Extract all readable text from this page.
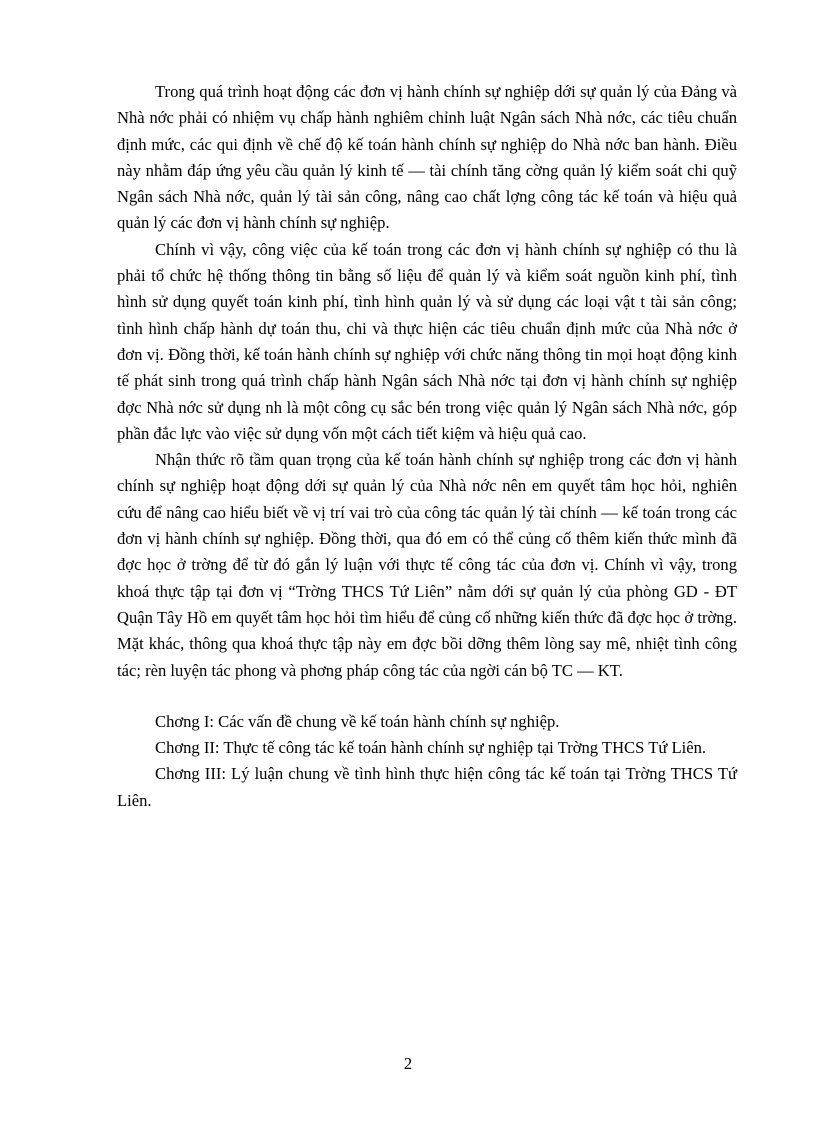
Trong quá trình hoạt động các đơn vị hành chính sự nghiệp dới sự quản lý của Đảng và Nhà nớc phải có nhiệm vụ chấp hành nghiêm chỉnh luật Ngân sách Nhà nớc, các tiêu chuẩn định mức, các qui định về chế độ kế toán hành chính sự nghiệp do Nhà nớc ban hành. Điều này nhằm đáp ứng yêu cầu quản lý kinh tế — tài chính tăng cờng quản lý kiểm soát chi quỹ Ngân sách Nhà nớc, quản lý tài sản công, nâng cao chất lợng công tác kế toán và hiệu quả quản lý các đơn vị hành chính sự nghiệp.

Chính vì vậy, công việc của kế toán trong các đơn vị hành chính sự nghiệp có thu là phải tổ chức hệ thống thông tin bằng số liệu để quản lý và kiểm soát nguồn kinh phí, tình hình sử dụng quyết toán kinh phí, tình hình quản lý và sử dụng các loại vật t tài sản công; tình hình chấp hành dự toán thu, chi và thực hiện các tiêu chuẩn định mức của Nhà nớc ở đơn vị. Đồng thời, kế toán hành chính sự nghiệp với chức năng thông tin mọi hoạt động kinh tế phát sinh trong quá trình chấp hành Ngân sách Nhà nớc tại đơn vị hành chính sự nghiệp đợc Nhà nớc sử dụng nh là một công cụ sắc bén trong việc quản lý Ngân sách Nhà nớc, góp phần đắc lực vào việc sử dụng vốn một cách tiết kiệm và hiệu quả cao.

Nhận thức rõ tầm quan trọng của kế toán hành chính sự nghiệp trong các đơn vị hành chính sự nghiệp hoạt động dới sự quản lý của Nhà nớc nên em quyết tâm học hỏi, nghiên cứu để nâng cao hiểu biết về vị trí vai trò của công tác quản lý tài chính — kế toán trong các đơn vị hành chính sự nghiệp. Đồng thời, qua đó em có thể củng cố thêm kiến thức mình đã đợc học ở trờng để từ đó gắn lý luận với thực tế công tác của đơn vị. Chính vì vậy, trong khoá thực tập tại đơn vị “Trờng THCS Tứ Liên” nằm dới sự quản lý của phòng GD - ĐT Quận Tây Hồ em quyết tâm học hỏi tìm hiểu để củng cố những kiến thức đã đợc học ở trờng. Mặt khác, thông qua khoá thực tập này em đợc bồi dỡng thêm lòng say mê, nhiệt tình công tác; rèn luyện tác phong và phơng pháp công tác của ngời cán bộ TC — KT.

Chơng I: Các vấn đề chung về kế toán hành chính sự nghiệp.

Chơng II: Thực tế công tác kế toán hành chính sự nghiệp tại Trờng THCS Tứ Liên.

Chơng III: Lý luận chung về tình hình thực hiện công tác kế toán tại Trờng THCS Tứ Liên.

2
